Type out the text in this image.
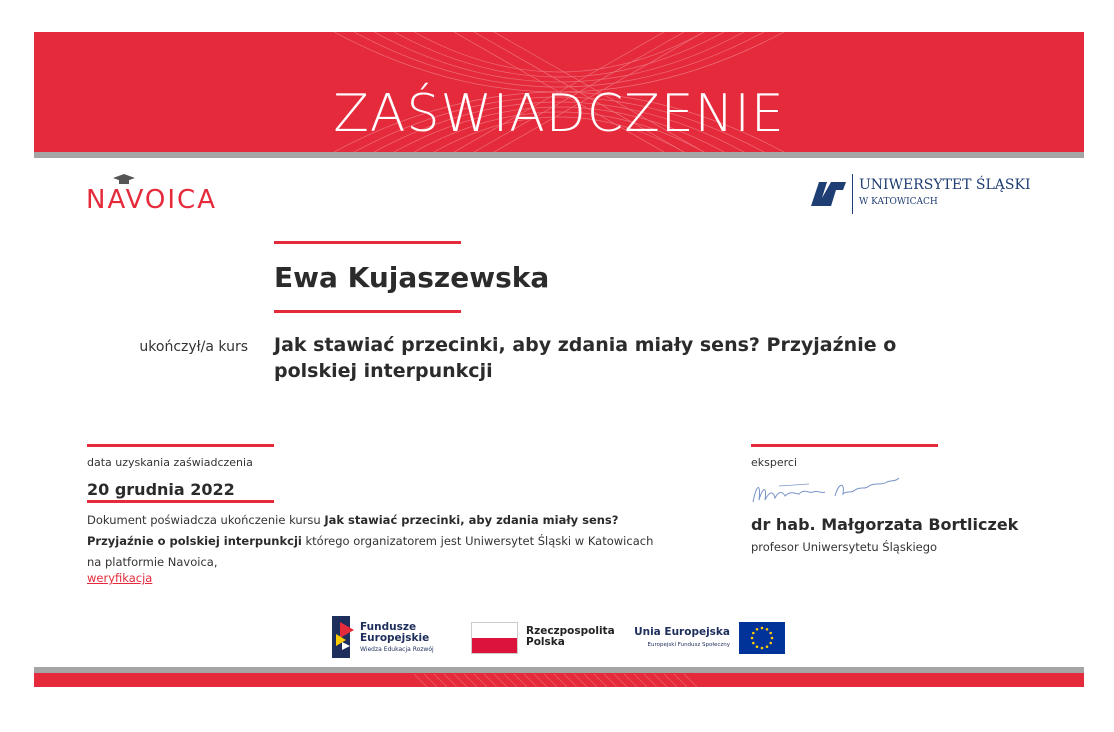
ZAŚWIADCZENIE
NAVOICA	UNIWERSYTET ŚLĄSKI
W KATOWICACH
Ewa Kujaszewska
ukończył/a kurs Jak stawiać przecinki, aby zdania miały sens? Przyjaźnie o polskiej interpunkcji
data uzyskania zaświadczenia
20 grudnia 2022
Dokument poświadcza ukończenie kursu Jak stawiać przecinki, aby zdania miały sens? Przyjaźnie o polskiej interpunkcji którego organizatorem jest Uniwersytet Śląski w Katowicach na platformie Navoica,
weryfikacja
eksperci
dr hab. Małgorzata Bortliczek
profesor Uniwersytetu Śląskiego
Fundusze Europejskie
Wiedza Edukacja Rozwój
Rzeczpospolita Polska
Unia Europejska
Europejski Fundusz Społeczny
